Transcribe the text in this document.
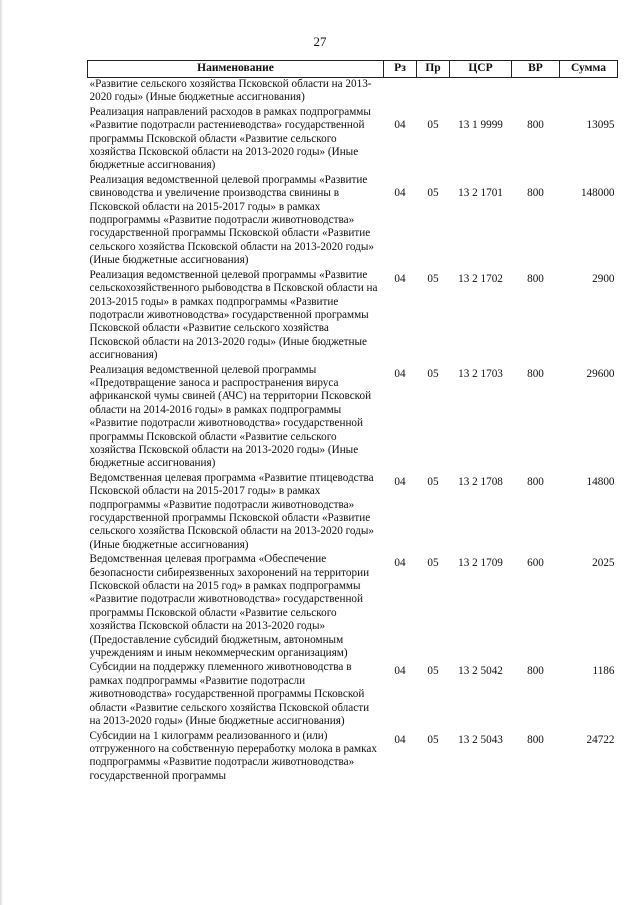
27
Наименование	Рз	Пр	ЦСР	ВР	Сумма
«Развитие сельского хозяйства Псковской области на 2013-2020 годы» (Иные бюджетные ассигнования)					
Реализация направлений расходов в рамках подпрограммы «Развитие подотрасли растениеводства» государственной программы Псковской области «Развитие сельского хозяйства Псковской области на 2013-2020 годы» (Иные бюджетные ассигнования)	04	05	13 1 9999	800	13095
Реализация ведомственной целевой программы «Развитие свиноводства и увеличение производства свинины в Псковской области на 2015-2017 годы» в рамках подпрограммы «Развитие подотрасли животноводства» государственной программы Псковской области «Развитие сельского хозяйства Псковской области на 2013-2020 годы» (Иные бюджетные ассигнования)	04	05	13 2 1701	800	148000
Реализация ведомственной целевой программы «Развитие сельскохозяйственного рыбоводства в Псковской области на 2013-2015 годы» в рамках подпрограммы «Развитие подотрасли животноводства» государственной программы Псковской области «Развитие сельского хозяйства Псковской области на 2013-2020 годы» (Иные бюджетные ассигнования)	04	05	13 2 1702	800	2900
Реализация ведомственной целевой программы «Предотвращение заноса и распространения вируса африканской чумы свиней (АЧС) на территории Псковской области на 2014-2016 годы» в рамках подпрограммы «Развитие подотрасли животноводства» государственной программы Псковской области «Развитие сельского хозяйства Псковской области на 2013-2020 годы» (Иные бюджетные ассигнования)	04	05	13 2 1703	800	29600
Ведомственная целевая программа «Развитие птицеводства Псковской области на 2015-2017 годы» в рамках подпрограммы «Развитие подотрасли животноводства» государственной программы Псковской области «Развитие сельского хозяйства Псковской области на 2013-2020 годы» (Иные бюджетные ассигнования)	04	05	13 2 1708	800	14800
Ведомственная целевая программа «Обеспечение безопасности сибиреязвенных захоронений на территории Псковской области на 2015 год» в рамках подпрограммы «Развитие подотрасли животноводства» государственной программы Псковской области «Развитие сельского хозяйства Псковской области на 2013-2020 годы» (Предоставление субсидий бюджетным, автономным учреждениям и иным некоммерческим организациям)	04	05	13 2 1709	600	2025
Субсидии на поддержку племенного животноводства в рамках подпрограммы «Развитие подотрасли животноводства» государственной программы Псковской области «Развитие сельского хозяйства Псковской области на 2013-2020 годы» (Иные бюджетные ассигнования)	04	05	13 2 5042	800	1186
Субсидии на 1 килограмм реализованного и (или) отгруженного на собственную переработку молока в рамках подпрограммы «Развитие подотрасли животноводства» государственной программы	04	05	13 2 5043	800	24722
